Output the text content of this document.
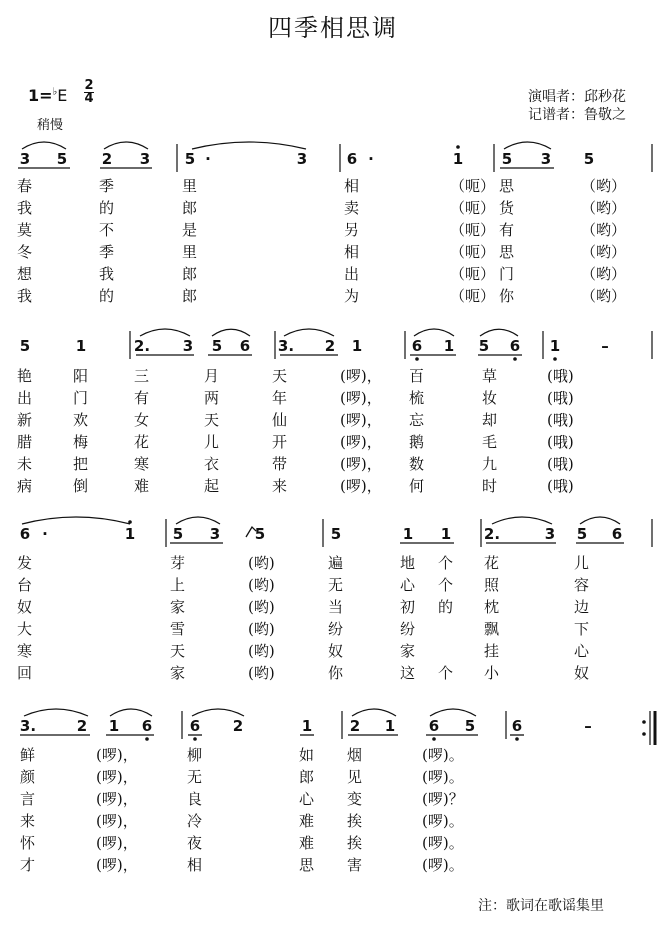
四季相思调
1=♭E
2
4
稍慢
演唱者：邱秒花
记谱者：鲁敬之
3 5 2 3 5 ·	3	6 ·	1	5 3 5
春	季	里	相	（呃） 思	（哟）
我	的	郎	卖	（呃） 货	（哟）
莫	不	是	另	（呃） 有	（哟）
冬	季	里	相	（呃） 思	（哟）
想	我	郎	出	（呃） 门	（哟）
我	的	郎	为	（呃） 你	（哟）
5	1	2. 3 5 6 3. 2 1	6 1 5 6 1	–
艳	阳	三	月	天	(啰)， 百	草	(哦)
出	门	有	两	年	(啰)， 梳	妆	(哦)
新	欢	女	天	仙	(啰)， 忘	却	(哦)
腊	梅	花	儿	开	(啰)， 鹅	毛	(哦)
未	把	寒	衣	带	(啰)， 数	九	(哦)
病	倒	难	起	来	(啰)， 何	时	(哦)
6 ·	1	5 3 5	5	1 1 2.	3 5 6
发	芽	(哟)	遍	地 个 花	儿
台	上	(哟)	无	心 个 照	容
奴	家	(哟)	当	初 的 枕	边
大	雪	(哟)	纷	纷	飘	下
寒	天	(哟)	奴	家	挂	心
回	家	(哟)	你	这 个 小	奴
3.	2 1 6	6 2	1	2 1 6 5 6	–
鲜	(啰)，	柳	如 烟	(啰)。
颜	(啰)，	无	郎 见	(啰)。
言	(啰)，	良	心 变	(啰)？
来	(啰)，	冷	难 挨	(啰)。
怀	(啰)，	夜	难 挨	(啰)。
才	(啰)，	相	思 害	(啰)。
注：歌词在歌谣集里
